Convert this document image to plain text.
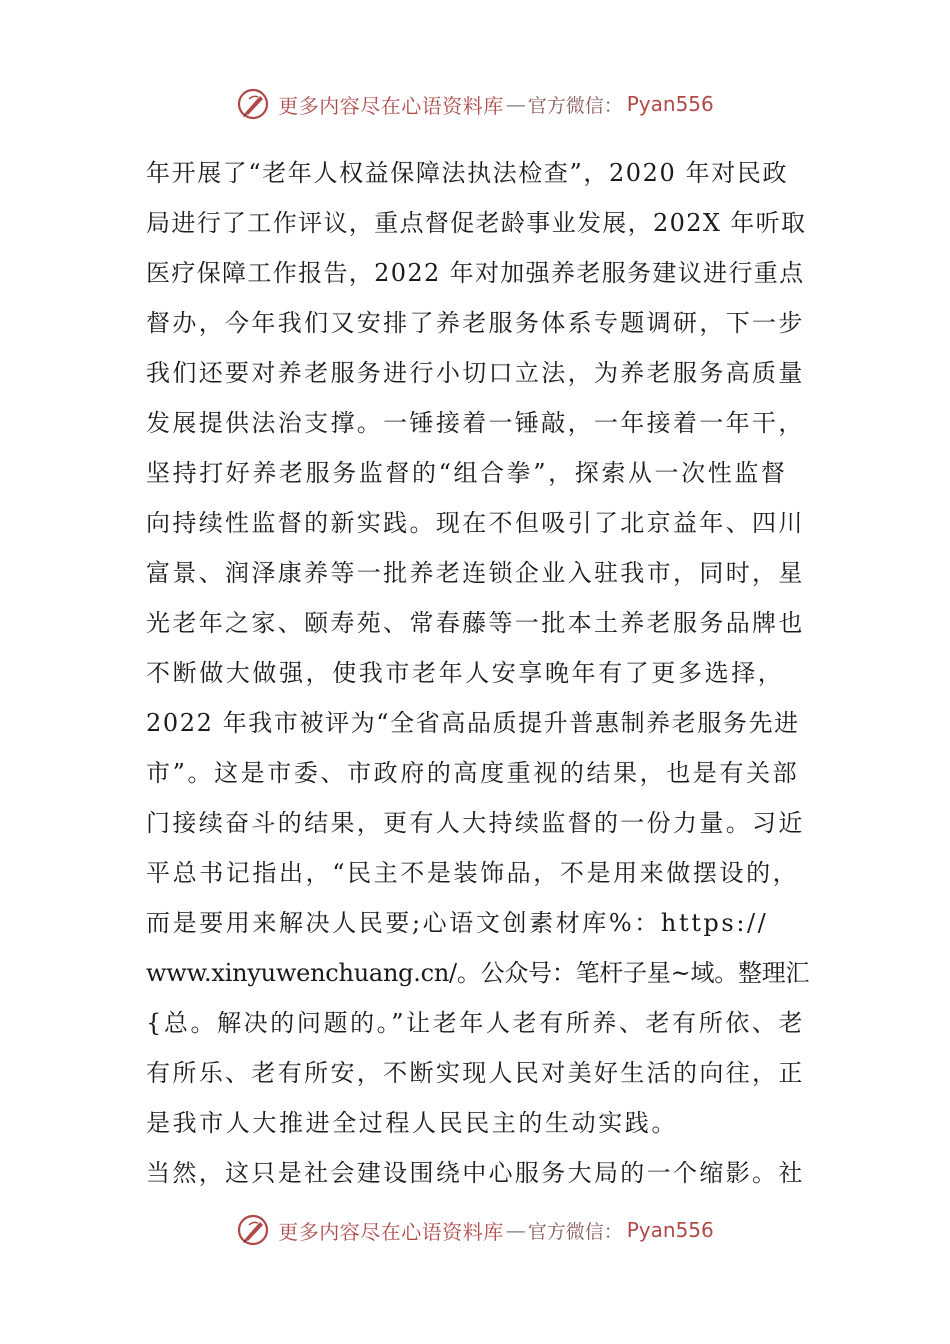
更多内容尽在心语资料库 — 官方微信： Pyan556
年开展了“老年人权益保障法执法检查”，2020 年对民政
局进行了工作评议，重点督促老龄事业发展，202X 年听取
医疗保障工作报告，2022 年对加强养老服务建议进行重点
督办，今年我们又安排了养老服务体系专题调研，下一步
我们还要对养老服务进行小切口立法，为养老服务高质量
发展提供法治支撑。一锤接着一锤敲，一年接着一年干，
坚持打好养老服务监督的“组合拳”，探索从一次性监督
向持续性监督的新实践。现在不但吸引了北京益年、四川
富景、润泽康养等一批养老连锁企业入驻我市，同时，星
光老年之家、颐寿苑、常春藤等一批本土养老服务品牌也
不断做大做强，使我市老年人安享晚年有了更多选择，
2022 年我市被评为“全省高品质提升普惠制养老服务先进
市”。这是市委、市政府的高度重视的结果，也是有关部
门接续奋斗的结果，更有人大持续监督的一份力量。习近
平总书记指出，“民主不是装饰品，不是用来做摆设的，
而是要用来解决人民要;心语文创素材库%：https://
www.xinyuwenchuang.cn/。公众号：笔杆子星~域。整理汇
{总。解决的问题的。”让老年人老有所养、老有所依、老
有所乐、老有所安，不断实现人民对美好生活的向往，正
是我市人大推进全过程人民民主的生动实践。
当然，这只是社会建设围绕中心服务大局的一个缩影。社
更多内容尽在心语资料库 — 官方微信： Pyan556
